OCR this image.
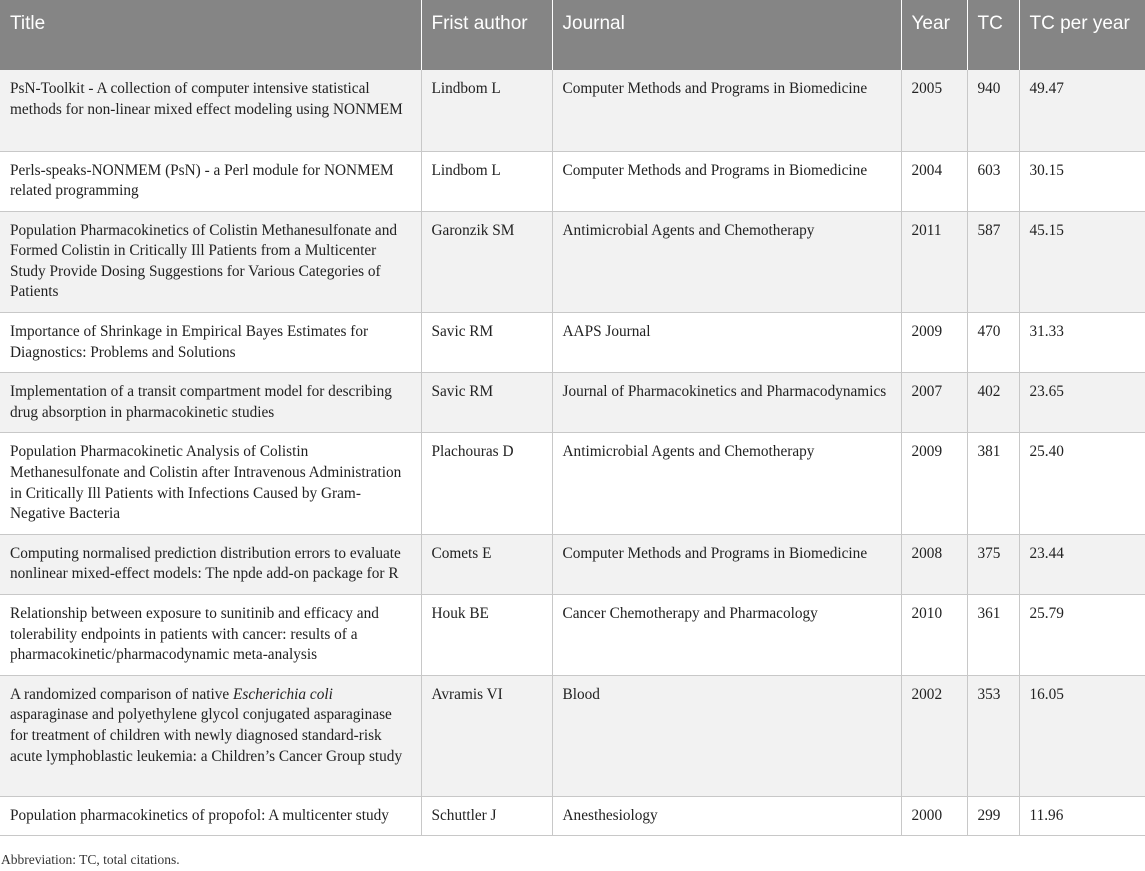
Title	Frist author	Journal	Year	TC	TC per year
PsN-Toolkit - A collection of computer intensive statistical methods for non-linear mixed effect modeling using NONMEM	Lindbom L	Computer Methods and Programs in Biomedicine	2005	940	49.47
Perls-speaks-NONMEM (PsN) - a Perl module for NONMEM related programming	Lindbom L	Computer Methods and Programs in Biomedicine	2004	603	30.15
Population Pharmacokinetics of Colistin Methanesulfonate and Formed Colistin in Critically Ill Patients from a Multicenter Study Provide Dosing Suggestions for Various Categories of Patients	Garonzik SM	Antimicrobial Agents and Chemotherapy	2011	587	45.15
Importance of Shrinkage in Empirical Bayes Estimates for Diagnostics: Problems and Solutions	Savic RM	AAPS Journal	2009	470	31.33
Implementation of a transit compartment model for describing drug absorption in pharmacokinetic studies	Savic RM	Journal of Pharmacokinetics and Pharmacodynamics	2007	402	23.65
Population Pharmacokinetic Analysis of Colistin Methanesulfonate and Colistin after Intravenous Administration in Critically Ill Patients with Infections Caused by Gram-Negative Bacteria	Plachouras D	Antimicrobial Agents and Chemotherapy	2009	381	25.40
Computing normalised prediction distribution errors to evaluate nonlinear mixed-effect models: The npde add-on package for R	Comets E	Computer Methods and Programs in Biomedicine	2008	375	23.44
Relationship between exposure to sunitinib and efficacy and tolerability endpoints in patients with cancer: results of a pharmacokinetic/pharmacodynamic meta-analysis	Houk BE	Cancer Chemotherapy and Pharmacology	2010	361	25.79
A randomized comparison of native Escherichia coli asparaginase and polyethylene glycol conjugated asparaginase for treatment of children with newly diagnosed standard-risk acute lymphoblastic leukemia: a Children’s Cancer Group study	Avramis VI	Blood	2002	353	16.05
Population pharmacokinetics of propofol: A multicenter study	Schuttler J	Anesthesiology	2000	299	11.96
Abbreviation: TC, total citations.
